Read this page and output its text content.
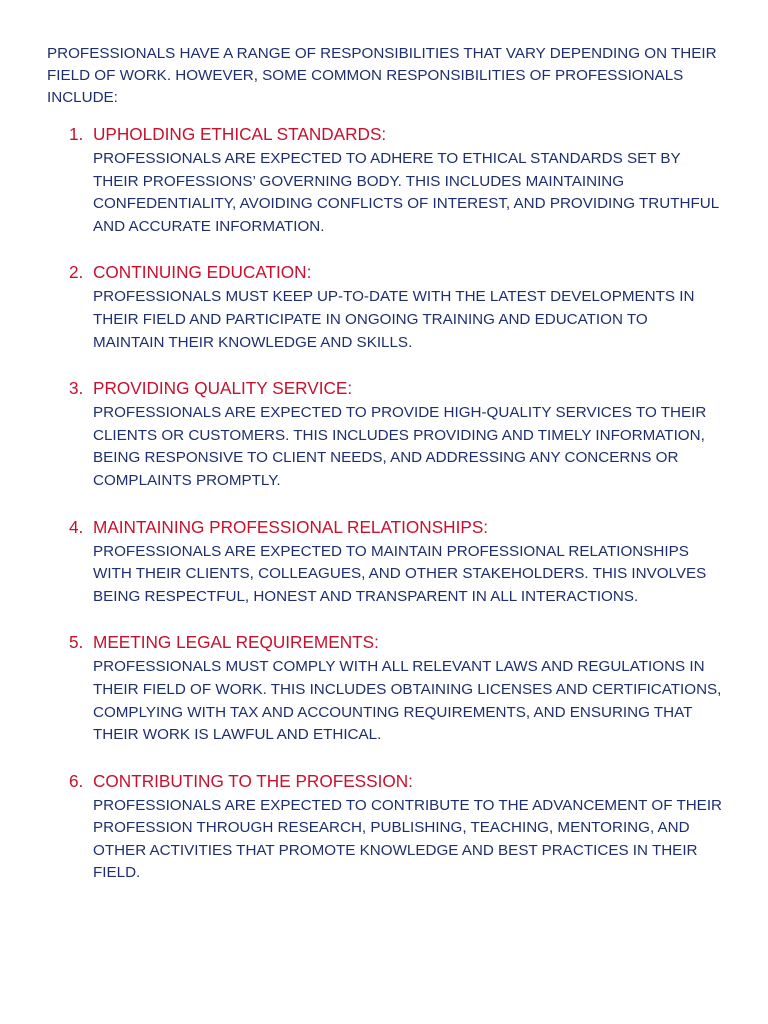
PROFESSIONALS HAVE A RANGE OF RESPONSIBILITIES THAT VARY DEPENDING ON THEIR FIELD OF WORK. HOWEVER, SOME COMMON RESPONSIBILITIES OF PROFESSIONALS INCLUDE:

1. UPHOLDING ETHICAL STANDARDS:
PROFESSIONALS ARE EXPECTED TO ADHERE TO ETHICAL STANDARDS SET BY THEIR PROFESSIONS’ GOVERNING BODY. THIS INCLUDES MAINTAINING CONFEDENTIALITY, AVOIDING CONFLICTS OF INTEREST, AND PROVIDING TRUTHFUL AND ACCURATE INFORMATION.
2. CONTINUING EDUCATION:
PROFESSIONALS MUST KEEP UP-TO-DATE WITH THE LATEST DEVELOPMENTS IN THEIR FIELD AND PARTICIPATE IN ONGOING TRAINING AND EDUCATION TO MAINTAIN THEIR KNOWLEDGE AND SKILLS.
3. PROVIDING QUALITY SERVICE:
PROFESSIONALS ARE EXPECTED TO PROVIDE HIGH-QUALITY SERVICES TO THEIR CLIENTS OR CUSTOMERS. THIS INCLUDES PROVIDING AND TIMELY INFORMATION, BEING RESPONSIVE TO CLIENT NEEDS, AND ADDRESSING ANY CONCERNS OR COMPLAINTS PROMPTLY.
4. MAINTAINING PROFESSIONAL RELATIONSHIPS:
PROFESSIONALS ARE EXPECTED TO MAINTAIN PROFESSIONAL RELATIONSHIPS WITH THEIR CLIENTS, COLLEAGUES, AND OTHER STAKEHOLDERS. THIS INVOLVES BEING RESPECTFUL, HONEST AND TRANSPARENT IN ALL INTERACTIONS.
5. MEETING LEGAL REQUIREMENTS:
PROFESSIONALS MUST COMPLY WITH ALL RELEVANT LAWS AND REGULATIONS IN THEIR FIELD OF WORK. THIS INCLUDES OBTAINING LICENSES AND CERTIFICATIONS, COMPLYING WITH TAX AND ACCOUNTING REQUIREMENTS, AND ENSURING THAT THEIR WORK IS LAWFUL AND ETHICAL.
6. CONTRIBUTING TO THE PROFESSION:
PROFESSIONALS ARE EXPECTED TO CONTRIBUTE TO THE ADVANCEMENT OF THEIR PROFESSION THROUGH RESEARCH, PUBLISHING, TEACHING, MENTORING, AND OTHER ACTIVITIES THAT PROMOTE KNOWLEDGE AND BEST PRACTICES IN THEIR FIELD.
